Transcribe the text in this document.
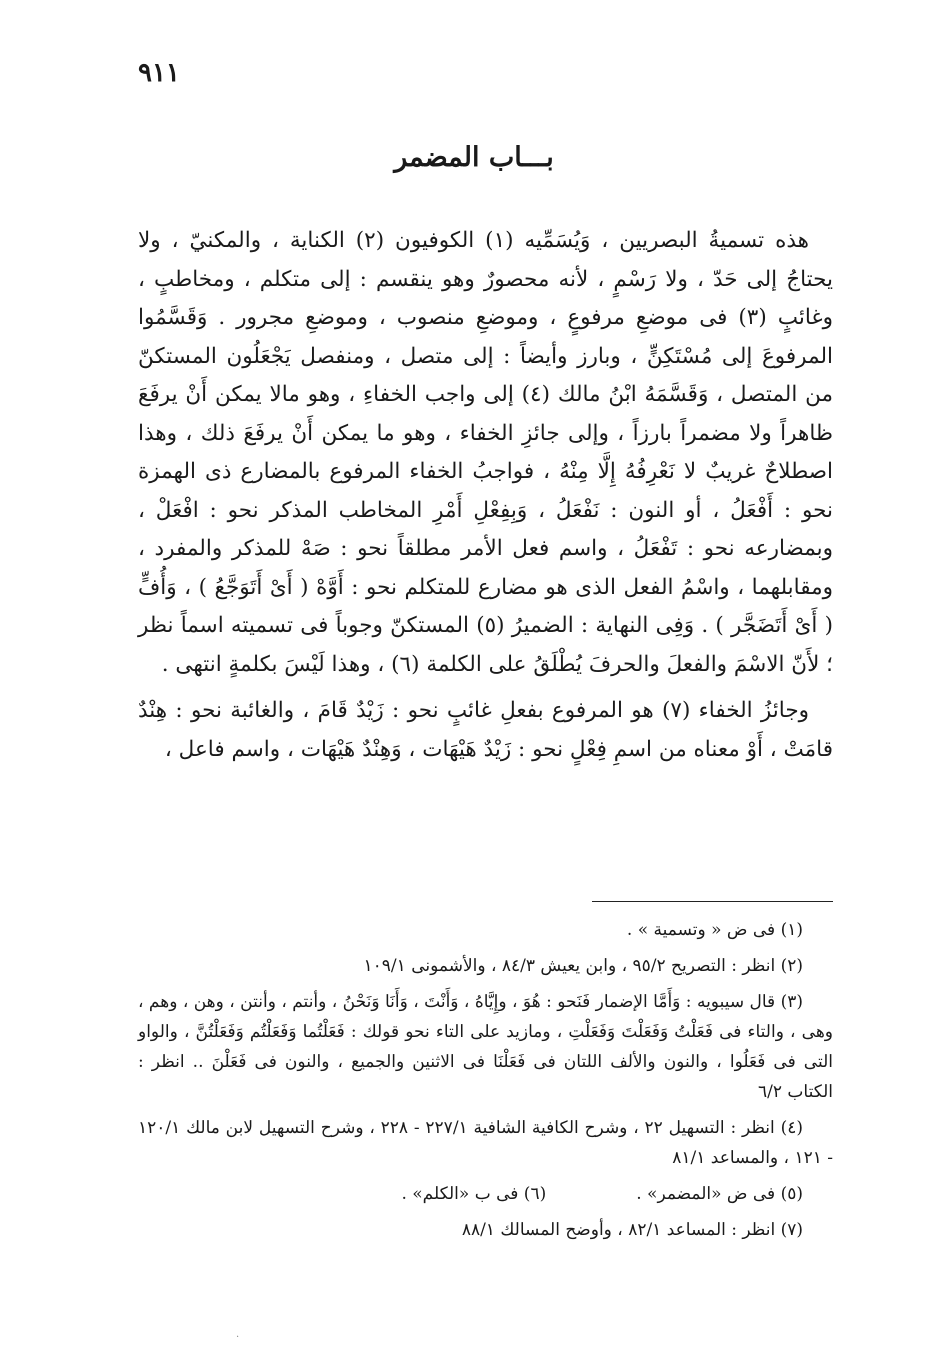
٩١١
بـــاب المضمر

هذه تسميةُ البصريين ، وَيُسَمِّيه (١) الكوفيون (٢) الكناية ، والمكنيّ ، ولا يحتاجُ إلى حَدّ ، ولا رَسْمٍ ، لأنه محصورٌ وهو ينقسم : إلى متكلم ، ومخاطبٍ ، وغائبٍ (٣) فى موضعِ مرفوعٍ ، وموضعِ منصوب ، وموضعِ مجرور . وَقَسَّمُوا المرفوعَ إلى مُسْتَكِنٍّ ، وبارز وأيضاً : إلى متصل ، ومنفصل يَجْعَلُون المستكنّ من المتصل ، وَقَسَّمَهُ ابْنُ مالك (٤) إلى واجب الخفاءِ ، وهو مالا يمكن أَنْ يرفَعَ ظاهراً ولا مضمراً بارزاً ، وإلى جائزِ الخفاء ، وهو ما يمكن أَنْ يرفَعَ ذلك ، وهذا اصطلاحٌ غريبٌ لا نَعْرِفُهُ إِلَّا مِنْهُ ، فواجبُ الخفاء المرفوع بالمضارع ذى الهمزة نحو : أَفْعَلُ ، أو النون : نَفْعَلُ ، وَبِفِعْلِ أَمْرِ المخاطب المذكر نحو : افْعَلْ ، وبمضارعه نحو : تَفْعَلُ ، واسم فعل الأمر مطلقاً نحو : صَهْ للمذكر والمفرد ، ومقابلهما ، واسْمُ الفعل الذى هو مضارع للمتكلم نحو : أَوَّهْ ( أَىْ أَتَوَجَّعُ ) ، وَأُفٍّ ( أَىْ أَتَضَجَّر ) . وَفِى النهاية : الضميرُ (٥) المستكنّ وجوباً فى تسميته اسماً نظر ؛ لأَنّ الاسْمَ والفعلَ والحرفَ يُطْلَقُ على الكلمة (٦) ، وهذا لَيْسَ بكلمةٍ انتهى .

وجائزُ الخفاء (٧) هو المرفوع بفعلِ غائبٍ نحو : زَيْدٌ قَامَ ، والغائبة نحو : هِنْدٌ قامَتْ ، أَوْ معناه من اسمِ فِعْلٍ نحو : زَيْدٌ هَيْهَات ، وَهِنْدٌ هَيْهَات ، واسم فاعل ،

(١) فى ض « وتسمية » .

(٢) انظر : التصريح ٩٥/٢ ، وابن يعيش ٨٤/٣ ، والأشمونى ١٠٩/١

(٣) قال سيبويه : وَأَمَّا الإضمار فَنَحو : هُوَ ، وإِيَّاهُ ، وَأَنْتَ ، وَأَنَا وَنَحْنُ ، وأنتم ، وأنتن ، وهن ، وهم ، وهى ، والتاء فى فَعَلْتُ وَفَعَلْتَ وَفَعَلْتِ ، ومازيد على التاء نحو قولك : فَعَلْتُما وَفَعَلْتُم وَفَعَلْتُنَّ ، والواو التى فى فَعَلُوا ، والنون والألف اللتان فى فَعَلْنَا فى الاثنين والجميع ، والنون فى فَعَلْنَ .. انظر : الكتاب ٦/٢

(٤) انظر : التسهيل ٢٢ ، وشرح الكافية الشافية ٢٢٧/١ - ٢٢٨ ، وشرح التسهيل لابن مالك ١٢٠/١ - ١٢١ ، والمساعد ٨١/١

(٥) فى ض «المضمر» .
(٦) فى ب «الكلم» .

(٧) انظر : المساعد ٨٢/١ ، وأوضح المسالك ٨٨/١

.
